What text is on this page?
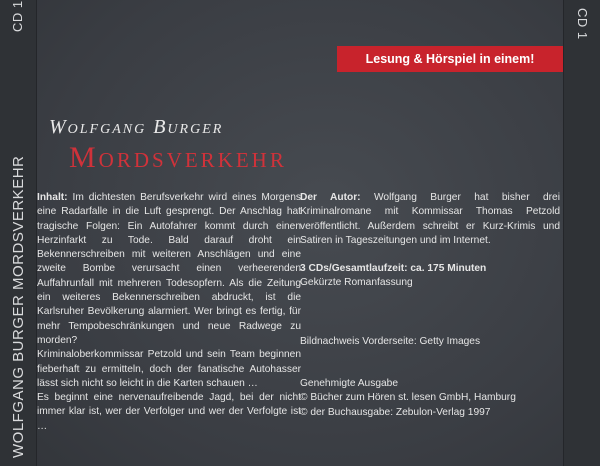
CD 1
WOLFGANG BURGER MORDSVERKEHR
Lesung & Hörspiel in einem!
Wolfgang Burger
Mordsverkehr

Inhalt: Im dichtesten Berufsverkehr wird eines Morgens eine Radarfalle in die Luft gesprengt. Der Anschlag hat tragische Folgen: Ein Autofahrer kommt durch einen Herzinfarkt zu Tode. Bald darauf droht ein Bekennerschreiben mit weiteren Anschlägen und eine zweite Bombe verursacht einen verheerenden Auffahrunfall mit mehreren Todesopfern. Als die Zeitung ein weiteres Bekennerschreiben abdruckt, ist die Karlsruher Bevölkerung alarmiert. Wer bringt es fertig, für mehr Tempobeschränkungen und neue Radwege zu morden?

Kriminaloberkommissar Petzold und sein Team beginnen fieberhaft zu ermitteln, doch der fanatische Autohasser lässt sich nicht so leicht in die Karten schauen …

Es beginnt eine nervenaufreibende Jagd, bei der nicht immer klar ist, wer der Verfolger und wer der Verfolgte ist …

Der Autor: Wolfgang Burger hat bisher drei Kriminalromane mit Kommissar Thomas Petzold veröffentlicht. Außerdem schreibt er Kurz-Krimis und Satiren in Tageszeitungen und im Internet.

3 CDs/Gesamtlaufzeit: ca. 175 Minuten

Gekürzte Romanfassung

Bildnachweis Vorderseite: Getty Images

Genehmigte Ausgabe

© Bücher zum Hören st. lesen GmbH, Hamburg

© der Buchausgabe: Zebulon-Verlag 1997

CD 1
